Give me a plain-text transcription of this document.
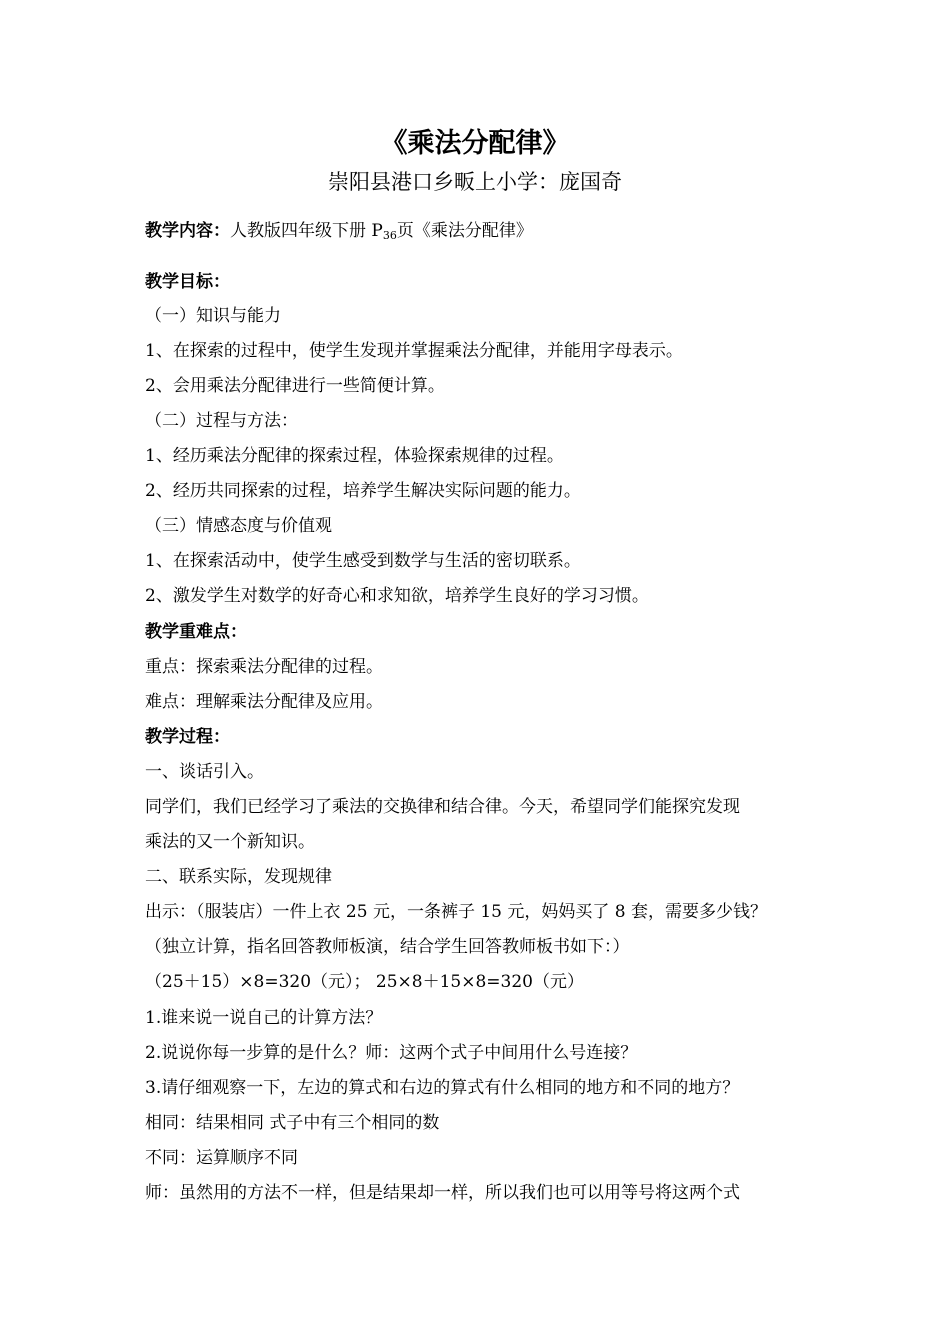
《乘法分配律》
崇阳县港口乡畈上小学：庞国奇
教学内容：人教版四年级下册 $P_{36}$页《乘法分配律》
教学目标：
（一）知识与能力
1、在探索的过程中，使学生发现并掌握乘法分配律，并能用字母表示。
2、会用乘法分配律进行一些简便计算。
（二）过程与方法：
1、经历乘法分配律的探索过程，体验探索规律的过程。
2、经历共同探索的过程，培养学生解决实际问题的能力。
（三）情感态度与价值观
1、在探索活动中，使学生感受到数学与生活的密切联系。
2、激发学生对数学的好奇心和求知欲，培养学生良好的学习习惯。
教学重难点：
重点：探索乘法分配律的过程。
难点：理解乘法分配律及应用。
教学过程：
一、谈话引入。
同学们，我们已经学习了乘法的交换律和结合律。今天，希望同学们能探究发现
乘法的又一个新知识。
二、联系实际，发现规律
出示：（服装店）一件上衣 25 元，一条裤子 15 元，妈妈买了 8 套，需要多少钱？
（独立计算，指名回答教师板演，结合学生回答教师板书如下：）
（25＋15）×8=320（元）； 25×8＋15×8=320（元）
1.谁来说一说自己的计算方法？
2.说说你每一步算的是什么？师：这两个式子中间用什么号连接？
3.请仔细观察一下，左边的算式和右边的算式有什么相同的地方和不同的地方？
相同：结果相同 式子中有三个相同的数
不同：运算顺序不同
师：虽然用的方法不一样，但是结果却一样，所以我们也可以用等号将这两个式
